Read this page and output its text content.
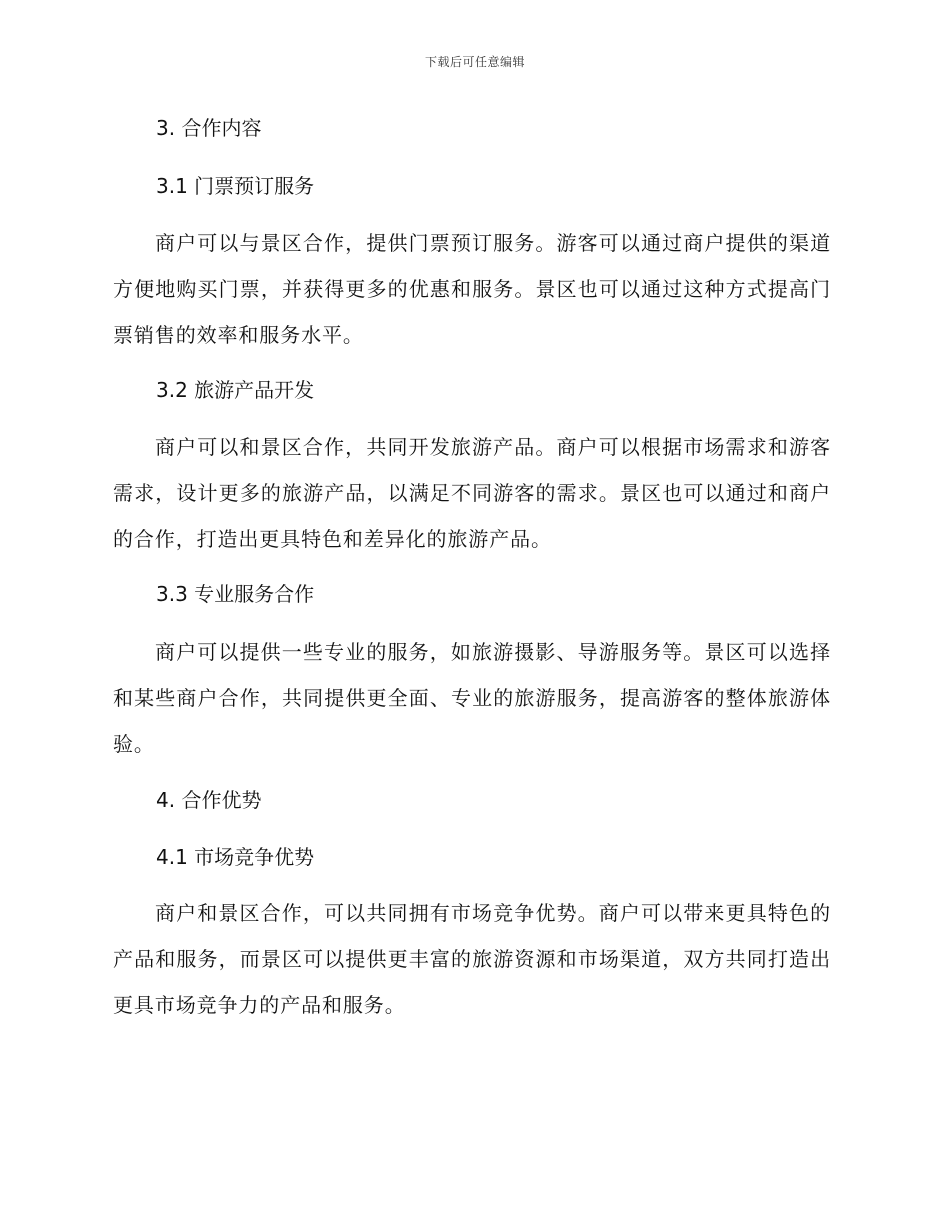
下载后可任意编辑
3. 合作内容
3.1 门票预订服务

商户可以与景区合作，提供门票预订服务。游客可以通过商户提供的渠道方便地购买门票，并获得更多的优惠和服务。景区也可以通过这种方式提高门票销售的效率和服务水平。

3.2 旅游产品开发

商户可以和景区合作，共同开发旅游产品。商户可以根据市场需求和游客需求，设计更多的旅游产品，以满足不同游客的需求。景区也可以通过和商户的合作，打造出更具特色和差异化的旅游产品。

3.3 专业服务合作

商户可以提供一些专业的服务，如旅游摄影、导游服务等。景区可以选择和某些商户合作，共同提供更全面、专业的旅游服务，提高游客的整体旅游体验。

4. 合作优势
4.1 市场竞争优势

商户和景区合作，可以共同拥有市场竞争优势。商户可以带来更具特色的产品和服务，而景区可以提供更丰富的旅游资源和市场渠道，双方共同打造出更具市场竞争力的产品和服务。
